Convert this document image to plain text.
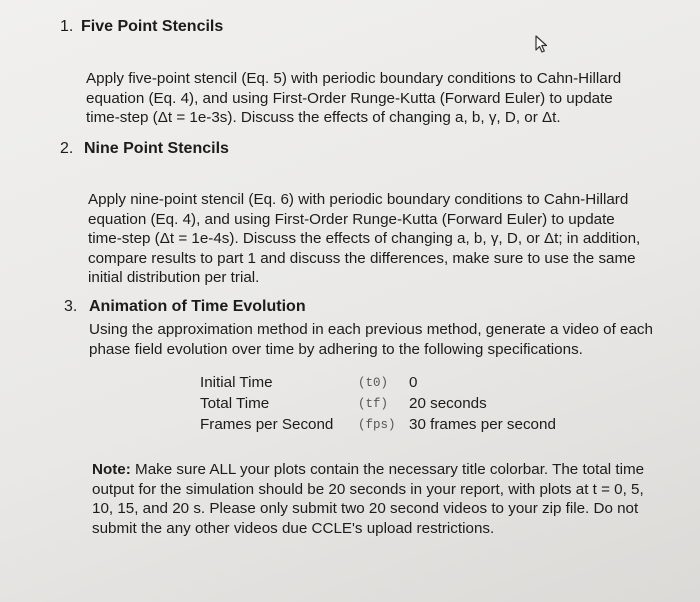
1. Five Point Stencils
Apply five-point stencil (Eq. 5) with periodic boundary conditions to Cahn-Hillard
equation (Eq. 4), and using First-Order Runge-Kutta (Forward Euler) to update
time-step (Δt = 1e-3s). Discuss the effects of changing a, b, γ, D, or Δt.
2. Nine Point Stencils
Apply nine-point stencil (Eq. 6) with periodic boundary conditions to Cahn-Hillard
equation (Eq. 4), and using First-Order Runge-Kutta (Forward Euler) to update
time-step (Δt = 1e-4s). Discuss the effects of changing a, b, γ, D, or Δt; in addition,
compare results to part 1 and discuss the differences, make sure to use the same
initial distribution per trial.
3. Animation of Time Evolution
Using the approximation method in each previous method, generate a video of each
phase field evolution over time by adhering to the following specifications.
Initial Time	(t0)	0
Total Time	(tf)	20 seconds
Frames per Second	(fps)	30 frames per second
Note: Make sure ALL your plots contain the necessary title colorbar. The total time
output for the simulation should be 20 seconds in your report, with plots at t = 0, 5,
10, 15, and 20 s. Please only submit two 20 second videos to your zip file. Do not
submit the any other videos due CCLE's upload restrictions.
